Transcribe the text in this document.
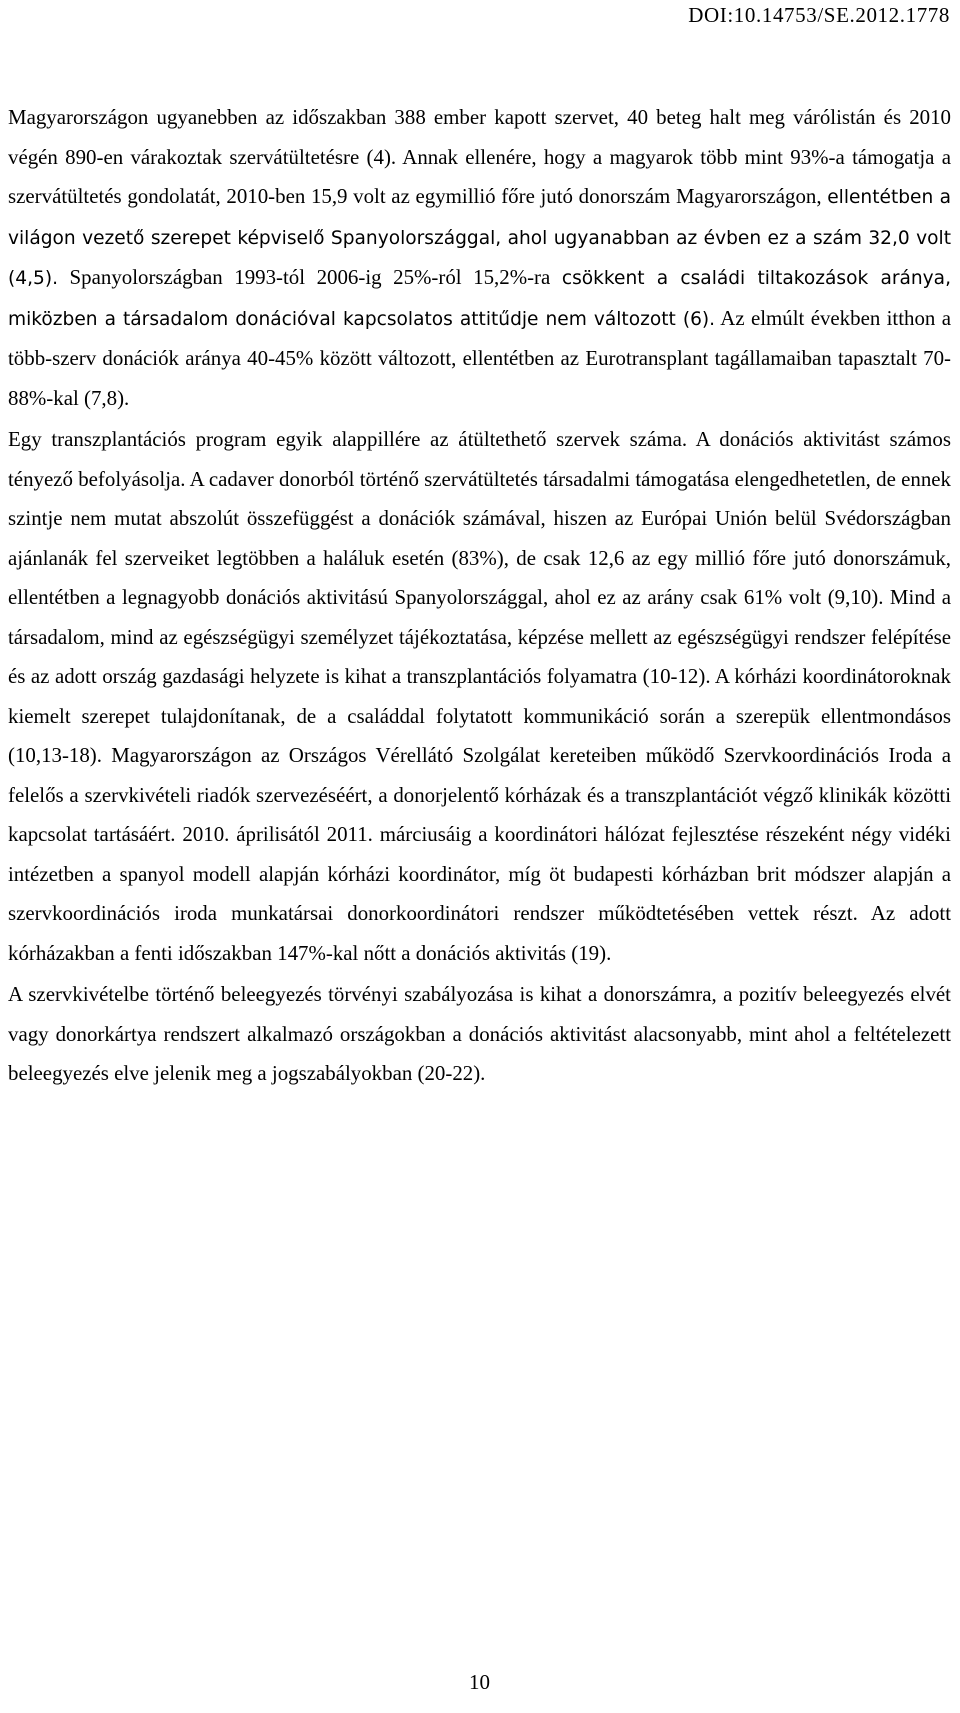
DOI:10.14753/SE.2012.1778

Magyarországon ugyanebben az időszakban 388 ember kapott szervet, 40 beteg halt meg várólistán és 2010 végén 890-en várakoztak szervátültetésre (4). Annak ellenére, hogy a magyarok több mint 93%-a támogatja a szervátültetés gondolatát, 2010-ben 15,9 volt az egymillió főre jutó donorszám Magyarországon, ellentétben a világon vezető szerepet képviselő Spanyolországgal, ahol ugyanabban az évben ez a szám 32,0 volt (4,5). Spanyolországban 1993-tól 2006-ig 25%-ról 15,2%-ra csökkent a családi tiltakozások aránya, miközben a társadalom donációval kapcsolatos attitűdje nem változott (6). Az elmúlt években itthon a több-szerv donációk aránya 40-45% között változott, ellentétben az Eurotransplant tagállamaiban tapasztalt 70-88%-kal (7,8).

Egy transzplantációs program egyik alappillére az átültethető szervek száma. A donációs aktivitást számos tényező befolyásolja. A cadaver donorból történő szervátültetés társadalmi támogatása elengedhetetlen, de ennek szintje nem mutat abszolút összefüggést a donációk számával, hiszen az Európai Unión belül Svédországban ajánlanák fel szerveiket legtöbben a haláluk esetén (83%), de csak 12,6 az egy millió főre jutó donorszámuk, ellentétben a legnagyobb donációs aktivitású Spanyolországgal, ahol ez az arány csak 61% volt (9,10). Mind a társadalom, mind az egészségügyi személyzet tájékoztatása, képzése mellett az egészségügyi rendszer felépítése és az adott ország gazdasági helyzete is kihat a transzplantációs folyamatra (10-12). A kórházi koordinátoroknak kiemelt szerepet tulajdonítanak, de a családdal folytatott kommunikáció során a szerepük ellentmondásos (10,13-18). Magyarországon az Országos Vérellátó Szolgálat kereteiben működő Szervkoordinációs Iroda a felelős a szervkivételi riadók szervezéséért, a donorjelentő kórházak és a transzplantációt végző klinikák közötti kapcsolat tartásáért. 2010. áprilisától 2011. márciusáig a koordinátori hálózat fejlesztése részeként négy vidéki intézetben a spanyol modell alapján kórházi koordinátor, míg öt budapesti kórházban brit módszer alapján a szervkoordinációs iroda munkatársai donorkoordinátori rendszer működtetésében vettek részt. Az adott kórházakban a fenti időszakban 147%-kal nőtt a donációs aktivitás (19).

A szervkivételbe történő beleegyezés törvényi szabályozása is kihat a donorszámra, a pozitív beleegyezés elvét vagy donorkártya rendszert alkalmazó országokban a donációs aktivitást alacsonyabb, mint ahol a feltételezett beleegyezés elve jelenik meg a jogszabályokban (20-22).

10
